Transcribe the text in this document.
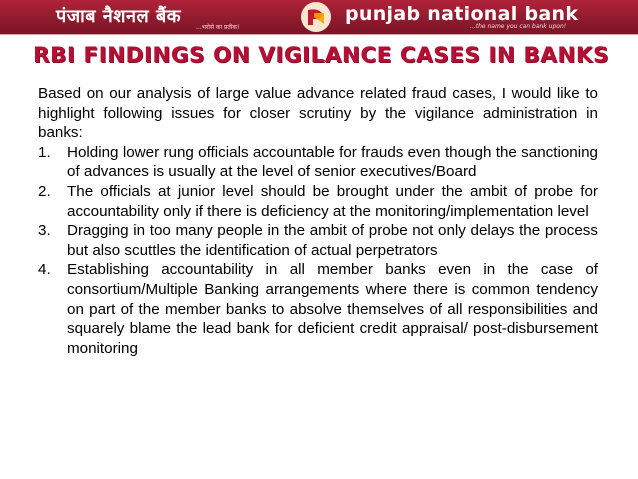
पंजाब नैशनल बैंक
...भरोसे का प्रतीक!
punjab national bank
...the name you can bank upon!
RBI FINDINGS ON VIGILANCE CASES IN BANKS

Based on our analysis of large value advance related fraud cases, I would like to highlight following issues for closer scrutiny by the vigilance administration in banks:

1. Holding lower rung officials accountable for frauds even though the sanctioning of advances is usually at the level of senior executives/Board
2. The officials at junior level should be brought under the ambit of probe for accountability only if there is deficiency at the monitoring/implementation level
3. Dragging in too many people in the ambit of probe not only delays the process but also scuttles the identification of actual perpetrators
4. Establishing accountability in all member banks even in the case of consortium/Multiple Banking arrangements where there is common tendency on part of the member banks to absolve themselves of all responsibilities and squarely blame the lead bank for deficient credit appraisal/ post-disbursement monitoring
